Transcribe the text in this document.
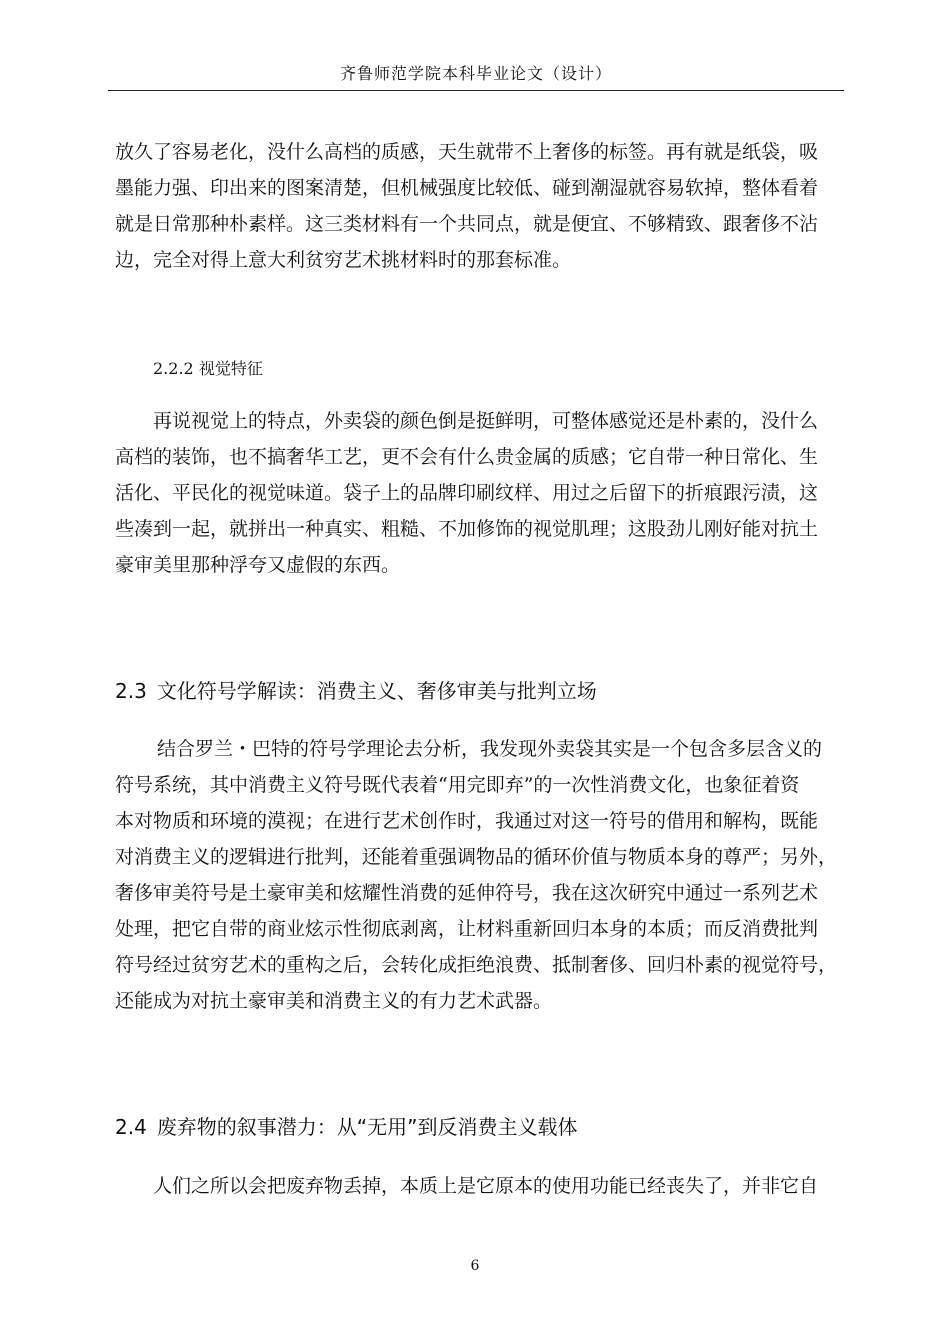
齐鲁师范学院本科毕业论文（设计）
放久了容易老化，没什么高档的质感，天生就带不上奢侈的标签。再有就是纸袋，吸
墨能力强、印出来的图案清楚，但机械强度比较低、碰到潮湿就容易软掉，整体看着
就是日常那种朴素样。这三类材料有一个共同点，就是便宜、不够精致、跟奢侈不沾
边，完全对得上意大利贫穷艺术挑材料时的那套标准。
2.2.2 视觉特征
再说视觉上的特点，外卖袋的颜色倒是挺鲜明，可整体感觉还是朴素的，没什么
高档的装饰，也不搞奢华工艺，更不会有什么贵金属的质感；它自带一种日常化、生
活化、平民化的视觉味道。袋子上的品牌印刷纹样、用过之后留下的折痕跟污渍，这
些凑到一起，就拼出一种真实、粗糙、不加修饰的视觉肌理；这股劲儿刚好能对抗土
豪审美里那种浮夸又虚假的东西。
2.3 文化符号学解读：消费主义、奢侈审美与批判立场
结合罗兰・巴特的符号学理论去分析，我发现外卖袋其实是一个包含多层含义的
符号系统，其中消费主义符号既代表着“用完即弃”的一次性消费文化，也象征着资
本对物质和环境的漠视；在进行艺术创作时，我通过对这一符号的借用和解构，既能
对消费主义的逻辑进行批判，还能着重强调物品的循环价值与物质本身的尊严；另外，
奢侈审美符号是土豪审美和炫耀性消费的延伸符号，我在这次研究中通过一系列艺术
处理，把它自带的商业炫示性彻底剥离，让材料重新回归本身的本质；而反消费批判
符号经过贫穷艺术的重构之后，会转化成拒绝浪费、抵制奢侈、回归朴素的视觉符号，
还能成为对抗土豪审美和消费主义的有力艺术武器。
2.4 废弃物的叙事潜力：从“无用”到反消费主义载体
人们之所以会把废弃物丢掉，本质上是它原本的使用功能已经丧失了，并非它自
6
